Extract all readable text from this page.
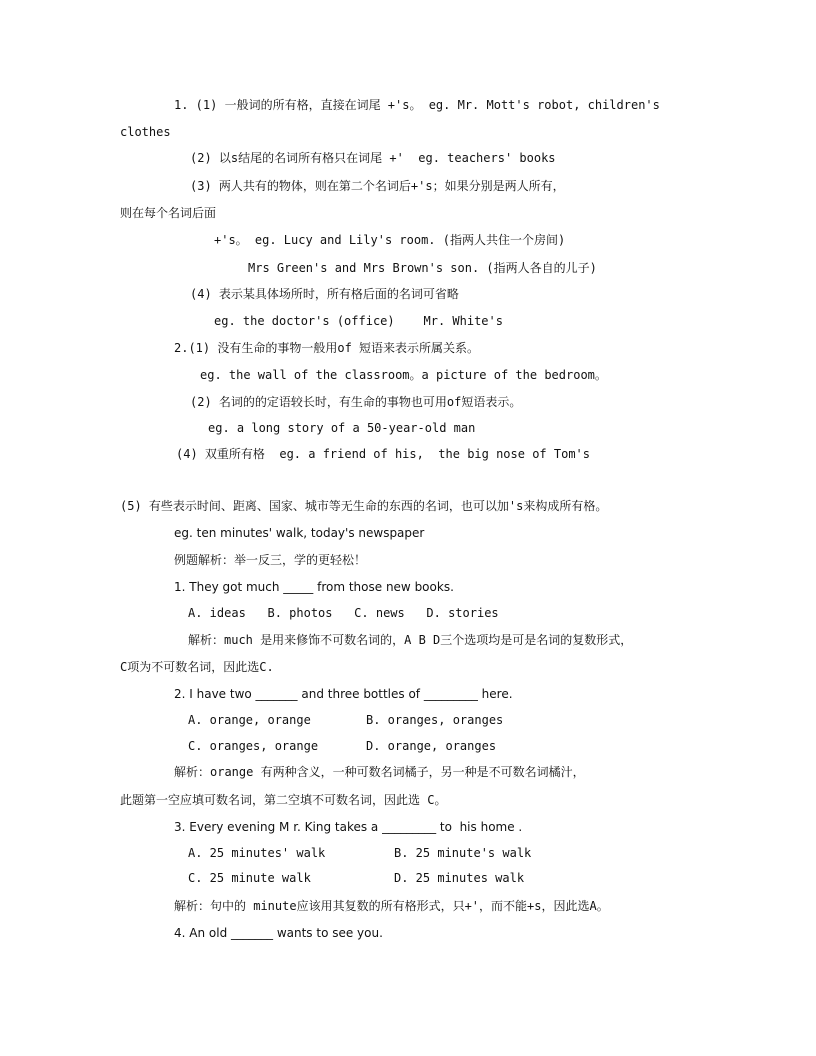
1. (1) 一般词的所有格，直接在词尾 +'s。 eg. Mr. Mott's robot, children's
clothes
(2) 以s结尾的名词所有格只在词尾 +'  eg. teachers' books
(3) 两人共有的物体，则在第二个名词后+'s；如果分别是两人所有，
则在每个名词后面
+'s。 eg. Lucy and Lily's room. (指两人共住一个房间)
Mrs Green's and Mrs Brown's son. (指两人各自的儿子)
(4) 表示某具体场所时，所有格后面的名词可省略
eg. the doctor's (office)    Mr. White's
2.(1) 没有生命的事物一般用of 短语来表示所属关系。
eg. the wall of the classroom。a picture of the bedroom。
(2) 名词的的定语较长时，有生命的事物也可用of短语表示。
eg. a long story of a 50-year-old man
(4) 双重所有格  eg. a friend of his,  the big nose of Tom's
(5) 有些表示时间、距离、国家、城市等无生命的东西的名词，也可以加's来构成所有格。
eg. ten minutes' walk, today's newspaper
例题解析：举一反三，学的更轻松！
1. They got much _____ from those new books.
A. ideas   B. photos   C. news   D. stories
解析：much 是用来修饰不可数名词的，A B D三个选项均是可是名词的复数形式，
C项为不可数名词，因此选C.
2. I have two _______ and three bottles of _________ here.
A. orange, orange	B. oranges, oranges
C. oranges, orange	D. orange, oranges
解析：orange 有两种含义，一种可数名词橘子，另一种是不可数名词橘汁，
此题第一空应填可数名词，第二空填不可数名词，因此选 C。
3. Every evening M r. King takes a _________ to  his home .
A. 25 minutes' walk	B. 25 minute's walk
C. 25 minute walk	D. 25 minutes walk
解析：句中的 minute应该用其复数的所有格形式，只+'，而不能+s，因此选A。
4. An old _______ wants to see you.
